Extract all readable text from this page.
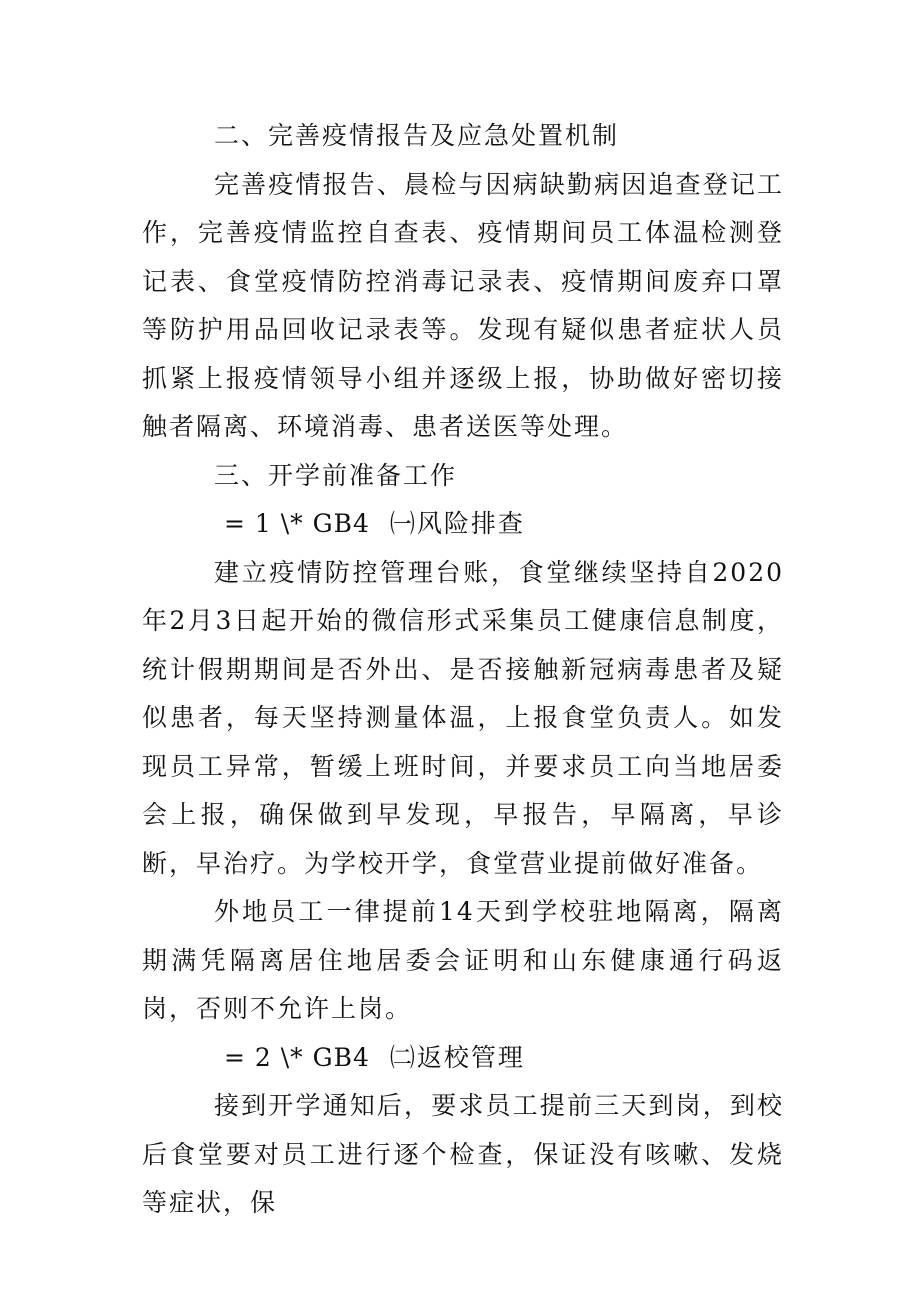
二、完善疫情报告及应急处置机制

完善疫情报告、晨检与因病缺勤病因追查登记工作，完善疫情监控自查表、疫情期间员工体温检测登记表、食堂疫情防控消毒记录表、疫情期间废弃口罩等防护用品回收记录表等。发现有疑似患者症状人员抓紧上报疫情领导小组并逐级上报，协助做好密切接触者隔离、环境消毒、患者送医等处理。

三、开学前准备工作

= 1 \* GB4 ㈠风险排查

建立疫情防控管理台账，食堂继续坚持自2020年2月3日起开始的微信形式采集员工健康信息制度，统计假期期间是否外出、是否接触新冠病毒患者及疑似患者，每天坚持测量体温，上报食堂负责人。如发现员工异常，暂缓上班时间，并要求员工向当地居委会上报，确保做到早发现，早报告，早隔离，早诊断，早治疗。为学校开学，食堂营业提前做好准备。

外地员工一律提前14天到学校驻地隔离，隔离期满凭隔离居住地居委会证明和山东健康通行码返岗，否则不允许上岗。

= 2 \* GB4 ㈡返校管理

接到开学通知后，要求员工提前三天到岗，到校后食堂要对员工进行逐个检查，保证没有咳嗽、发烧等症状，保
